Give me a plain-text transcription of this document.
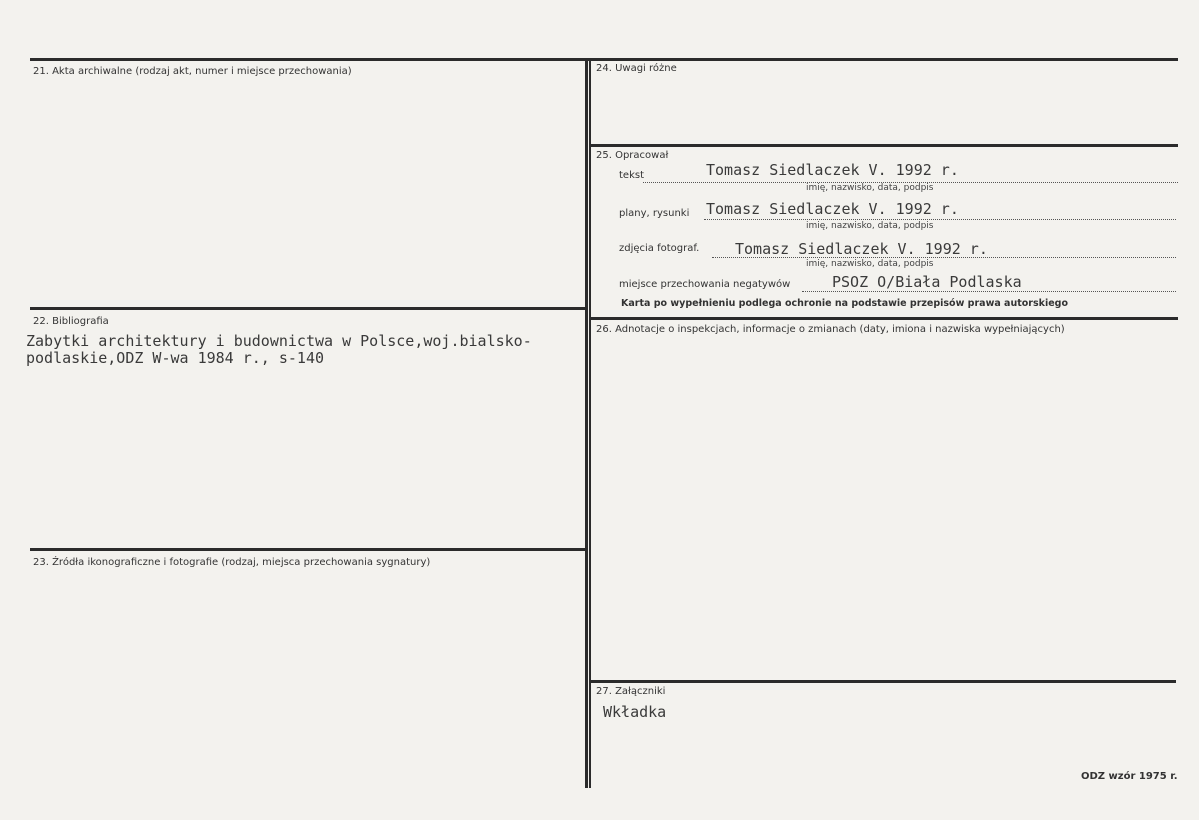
21. Akta archiwalne (rodzaj akt, numer i miejsce przechowania)
22. Bibliografia
Zabytki architektury i budownictwa w Polsce,woj.bialsko-
podlaskie,ODZ W-wa 1984 r., s-140
23. Źródła ikonograficzne i fotografie (rodzaj, miejsca przechowania sygnatury)
24. Uwagi różne
25. Opracował
tekst	Tomasz Siedlaczek V. 1992 r.
imię, nazwisko, data, podpis
plany, rysunki Tomasz Siedlaczek V. 1992 r.
imię, nazwisko, data, podpis
zdjęcia fotograf. Tomasz Siedlaczek V. 1992 r.
imię, nazwisko, data, podpis
miejsce przechowania negatywów	PSOZ O/Biała Podlaska
Karta po wypełnieniu podlega ochronie na podstawie przepisów prawa autorskiego
26. Adnotacje o inspekcjach, informacje o zmianach (daty, imiona i nazwiska wypełniających)
27. Załączniki
Wkładka
ODZ wzór 1975 r.
